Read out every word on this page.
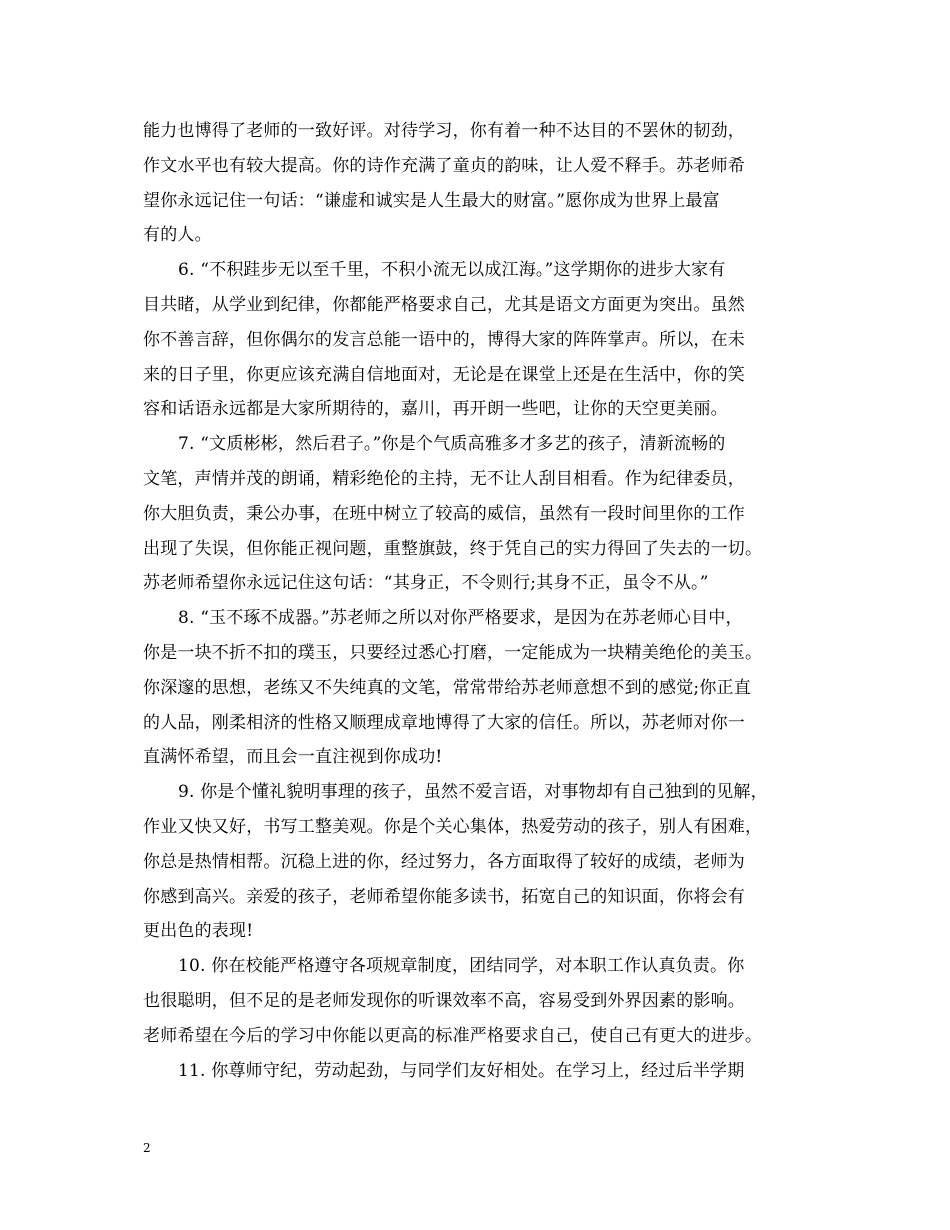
能力也博得了老师的一致好评。对待学习，你有着一种不达目的不罢休的韧劲，
作文水平也有较大提高。你的诗作充满了童贞的韵味，让人爱不释手。苏老师希
望你永远记住一句话：“谦虚和诚实是人生最大的财富。”愿你成为世界上最富
有的人。
6. “不积跬步无以至千里，不积小流无以成江海。”这学期你的进步大家有
目共睹，从学业到纪律，你都能严格要求自己，尤其是语文方面更为突出。虽然
你不善言辞，但你偶尔的发言总能一语中的，博得大家的阵阵掌声。所以，在未
来的日子里，你更应该充满自信地面对，无论是在课堂上还是在生活中，你的笑
容和话语永远都是大家所期待的，嘉川，再开朗一些吧，让你的天空更美丽。
7. “文质彬彬，然后君子。”你是个气质高雅多才多艺的孩子，清新流畅的
文笔，声情并茂的朗诵，精彩绝伦的主持，无不让人刮目相看。作为纪律委员，
你大胆负责，秉公办事，在班中树立了较高的威信，虽然有一段时间里你的工作
出现了失误，但你能正视问题，重整旗鼓，终于凭自己的实力得回了失去的一切。
苏老师希望你永远记住这句话：“其身正，不令则行;其身不正，虽令不从。”
8. “玉不琢不成器。”苏老师之所以对你严格要求，是因为在苏老师心目中，
你是一块不折不扣的璞玉，只要经过悉心打磨，一定能成为一块精美绝伦的美玉。
你深邃的思想，老练又不失纯真的文笔，常常带给苏老师意想不到的感觉;你正直
的人品，刚柔相济的性格又顺理成章地博得了大家的信任。所以，苏老师对你一
直满怀希望，而且会一直注视到你成功!
9. 你是个懂礼貌明事理的孩子，虽然不爱言语，对事物却有自己独到的见解，
作业又快又好，书写工整美观。你是个关心集体，热爱劳动的孩子，别人有困难，
你总是热情相帮。沉稳上进的你，经过努力，各方面取得了较好的成绩，老师为
你感到高兴。亲爱的孩子，老师希望你能多读书，拓宽自己的知识面，你将会有
更出色的表现!
10. 你在校能严格遵守各项规章制度，团结同学，对本职工作认真负责。你
也很聪明，但不足的是老师发现你的听课效率不高，容易受到外界因素的影响。
老师希望在今后的学习中你能以更高的标准严格要求自己，使自己有更大的进步。
11. 你尊师守纪，劳动起劲，与同学们友好相处。在学习上，经过后半学期
2
